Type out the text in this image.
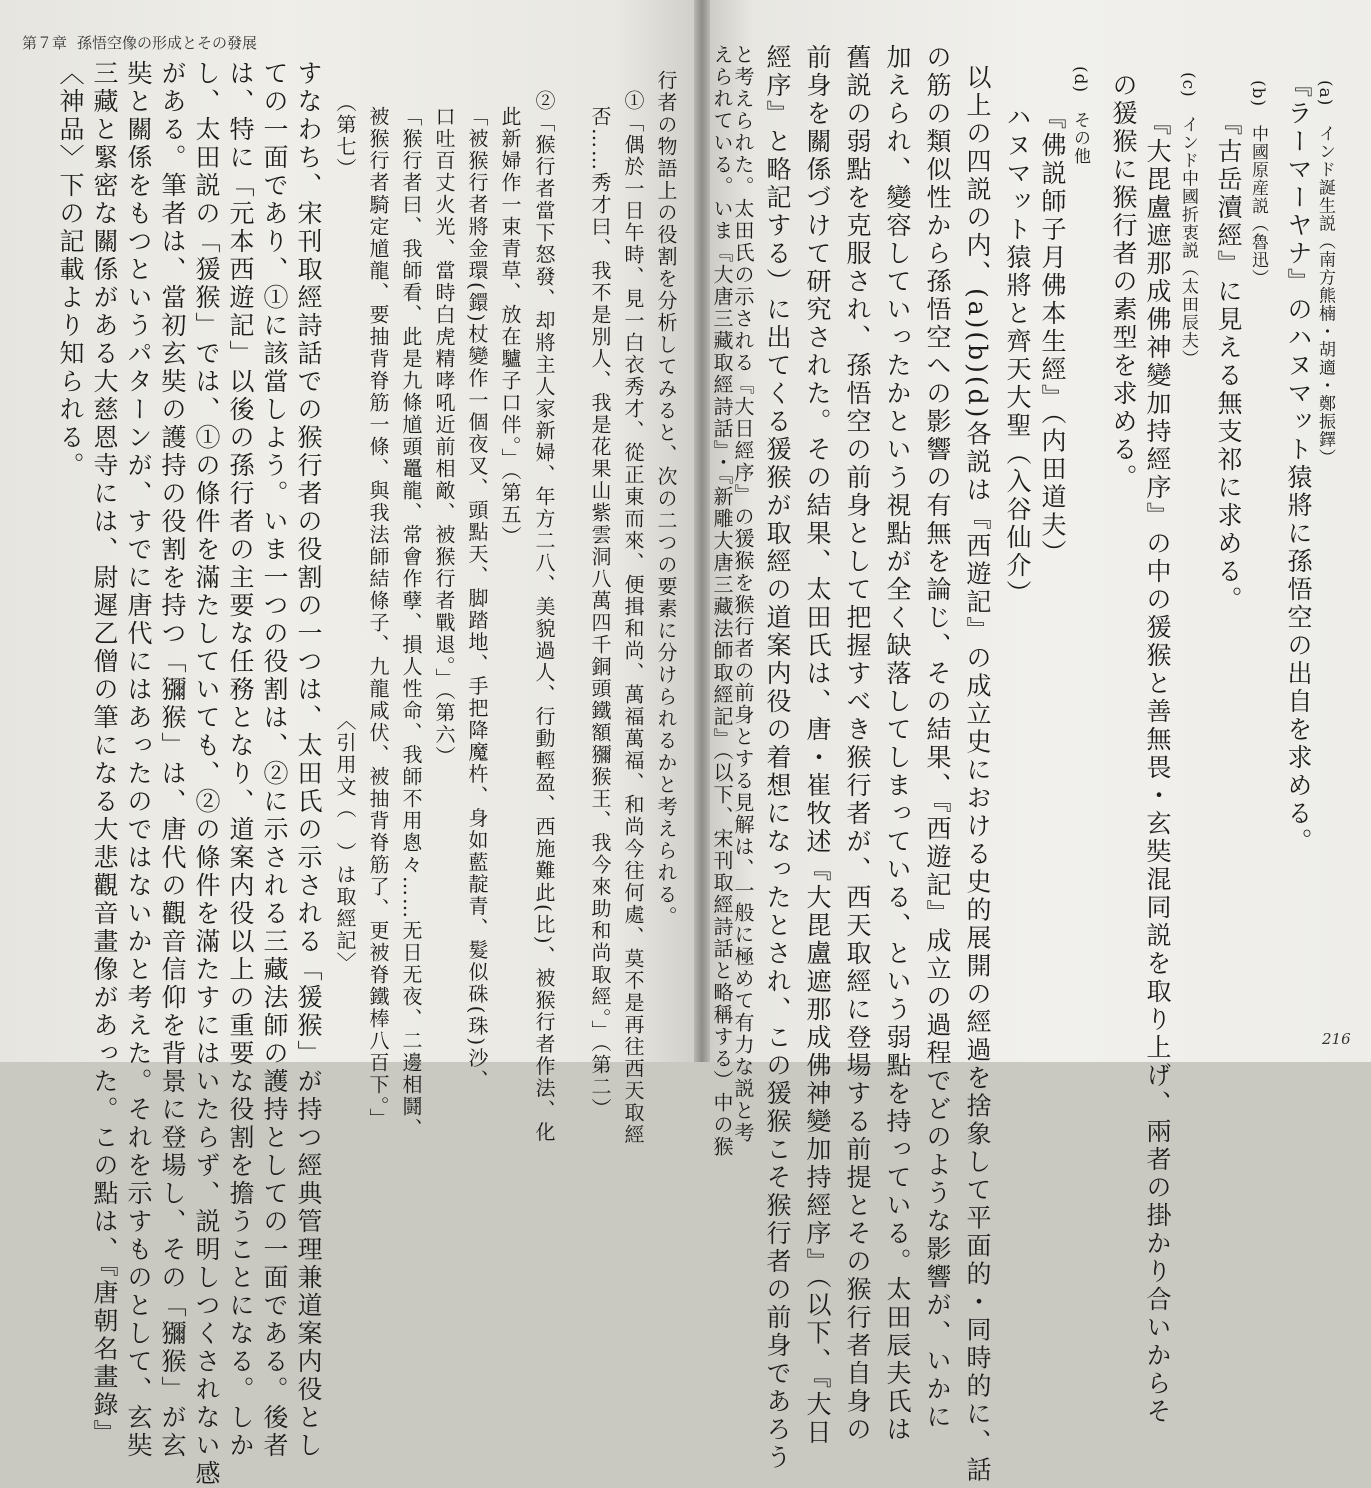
第７章 孫悟空像の形成とその發展
216
(a)　インド誕生説（南方熊楠・胡適・鄭振鐸）
『ラーマーヤナ』のハヌマット猿將に孫悟空の出自を求める。
(b)　中國原産説（魯迅）
『古岳瀆經』に見える無支祁に求める。
(c)　インド中國折衷説（太田辰夫）
『大毘盧遮那成佛神變加持經序』の中の猨猴と善無畏・玄奘混同説を取り上げ、兩者の掛かり合いからそ
の猨猴に猴行者の素型を求める。
(d)　その他
『佛説師子月佛本生經』（内田道夫）
ハヌマット猿將と齊天大聖（入谷仙介）
以上の四説の内、(a)(b)(d)各説は『西遊記』の成立史における史的展開の經過を捨象して平面的・同時的に、話
の筋の類似性から孫悟空への影響の有無を論じ、その結果、『西遊記』成立の過程でどのような影響が、いかに
加えられ、變容していったかという視點が全く缺落してしまっている、という弱點を持っている。太田辰夫氏は
舊説の弱點を克服され、孫悟空の前身として把握すべき猴行者が、西天取經に登場する前提とその猴行者自身の
前身を關係づけて研究された。その結果、太田氏は、唐・崔牧述『大毘盧遮那成佛神變加持經序』（以下、『大日
經序』と略記する）に出てくる猨猴が取經の道案内役の着想になったとされ、この猨猴こそ猴行者の前身であろう
と考えられた。太田氏の示される『大日經序』の猨猴を猴行者の前身とする見解は、一般に極めて有力な説と考
えられている。いま『大唐三藏取經詩話』・『新雕大唐三藏法師取經記』（以下、宋刊取經詩話と略稱する）中の猴
行者の物語上の役割を分析してみると、次の二つの要素に分けられるかと考えられる。
①「偶於一日午時、見一白衣秀才、從正東而來、便揖和尚、萬福萬福、和尚今往何處、莫不是再往西天取經
否……秀才曰、我不是別人、我是花果山紫雲洞八萬四千銅頭鐵額獼猴王、我今來助和尚取經。」（第二）
②「猴行者當下怒發、却將主人家新婦、年方二八、美貌過人、行動輕盈、西施難此(比)、被猴行者作法、化
此新婦作一束青草、放在驢子口伴。」（第五）
「被猴行者將金環(鐶)杖變作一個夜叉、頭點天、脚踏地、手把降魔杵、身如藍靛青、髮似硃(珠)沙、
口吐百丈火光、當時白虎精哮吼近前相敵、被猴行者戰退。」（第六）
「猴行者曰、我師看、此是九條馗頭鼉龍、常會作孽、損人性命、我師不用悤々……无日无夜、二邊相鬪、
被猴行者騎定馗龍、要抽背脊筋一條、與我法師結條子、九龍咸伏、被抽背脊筋了、更被脊鐵棒八百下。」
（第七）　　　　　　　　　　　　　　　　　　　　　　　　　〈引用文（　）は取經記〉
すなわち、宋刊取經詩話での猴行者の役割の一つは、太田氏の示される「猨猴」が持つ經典管理兼道案内役とし
ての一面であり、①に該當しよう。いま一つの役割は、②に示される三藏法師の護持としての一面である。後者
は、特に「元本西遊記」以後の孫行者の主要な任務となり、道案内役以上の重要な役割を擔うことになる。しか
し、太田説の「猨猴」では、①の條件を滿たしていても、②の條件を滿たすにはいたらず、説明しつくされない感
がある。筆者は、當初玄奘の護持の役割を持つ「獼猴」は、唐代の觀音信仰を背景に登場し、その「獼猴」が玄
奘と關係をもつというパターンが、すでに唐代にはあったのではないかと考えた。それを示すものとして、玄奘
三藏と緊密な關係がある大慈恩寺には、尉遲乙僧の筆になる大悲觀音畫像があった。この點は、『唐朝名畫錄』
〈神品〉下の記載より知られる。
